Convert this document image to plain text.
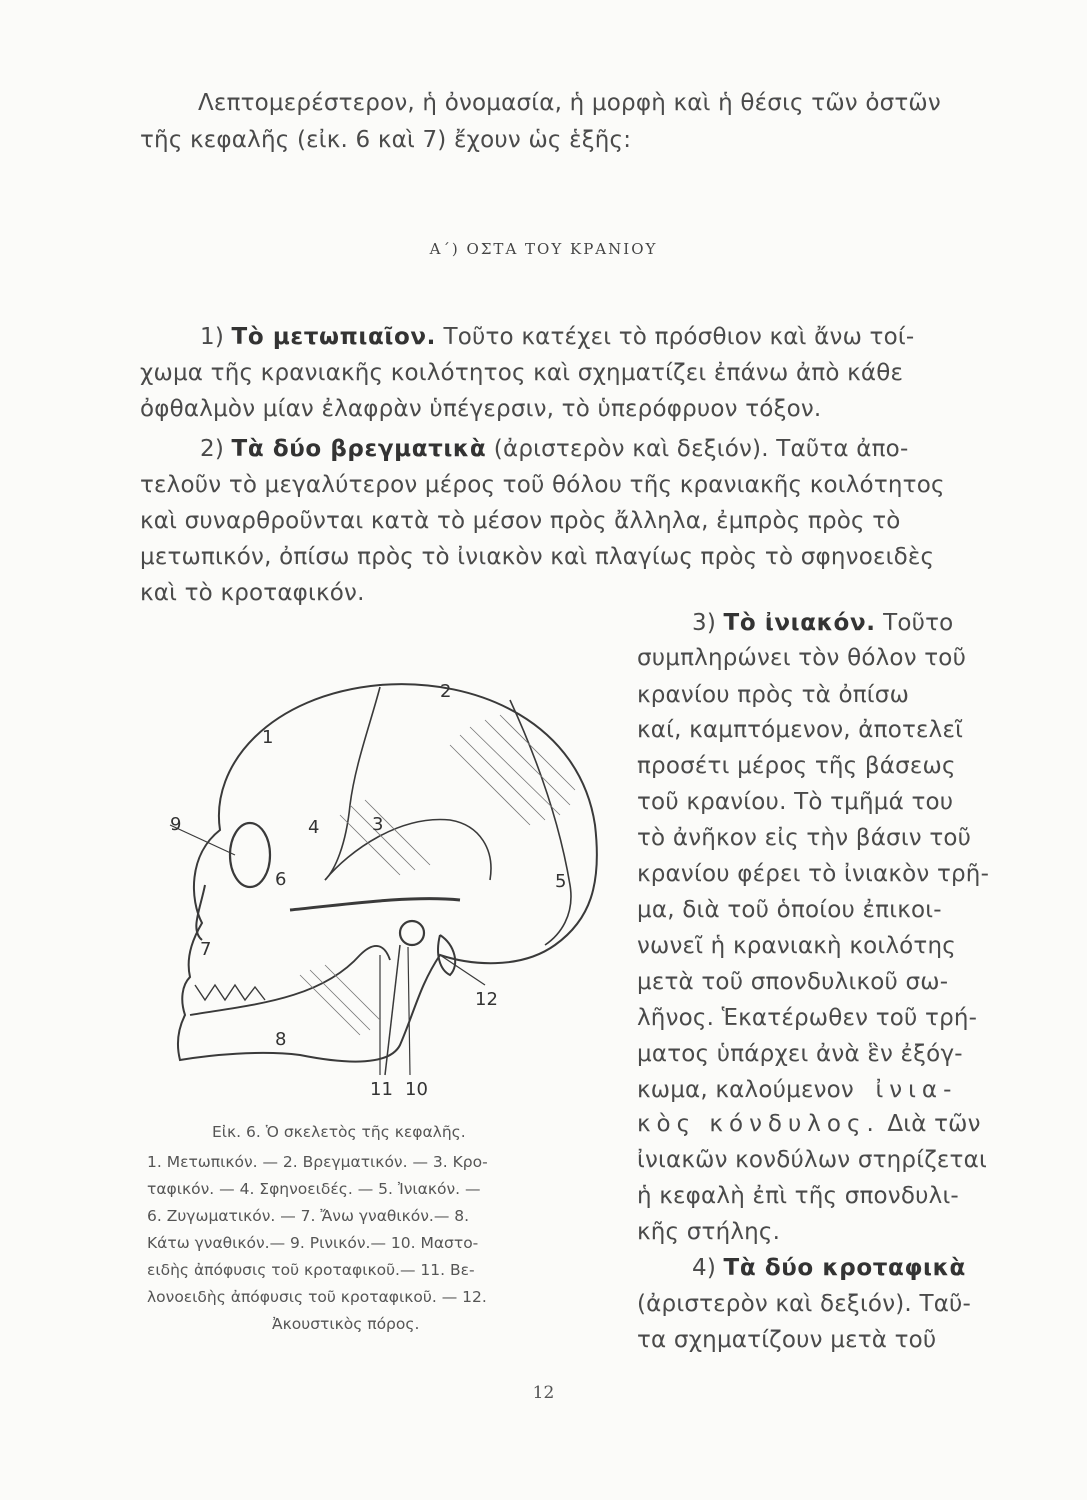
Λεπτομερέστερον, ἡ ὀνομασία, ἡ μορφὴ καὶ ἡ θέσις τῶν ὀστῶν
τῆς κεφαλῆς (εἰκ. 6 καὶ 7) ἔχουν ὡς ἑξῆς:
Α΄) ΟΣΤΑ ΤΟΥ ΚΡΑΝΙΟΥ
1) Τὸ μετωπιαῖον. Τοῦτο κατέχει τὸ πρόσθιον καὶ ἄνω τοί-
χωμα τῆς κρανιακῆς κοιλότητος καὶ σχηματίζει ἐπάνω ἀπὸ κάθε
ὀφθαλμὸν μίαν ἐλαφρὰν ὑπέγερσιν, τὸ ὑπερόφρυον τόξον.
2) Τὰ δύο βρεγματικὰ (ἀριστερὸν καὶ δεξιόν). Ταῦτα ἀπο-
τελοῦν τὸ μεγαλύτερον μέρος τοῦ θόλου τῆς κρανιακῆς κοιλότητος
καὶ συναρθροῦνται κατὰ τὸ μέσον πρὸς ἄλληλα, ἐμπρὸς πρὸς τὸ
μετωπικόν, ὀπίσω πρὸς τὸ ἰνιακὸν καὶ πλαγίως πρὸς τὸ σφηνοειδὲς
καὶ τὸ κροταφικόν.
3) Τὸ ἰνιακόν. Τοῦτο
συμπληρώνει τὸν θόλον τοῦ
κρανίου πρὸς τὰ ὀπίσω
καί, καμπτόμενον, ἀποτελεῖ
προσέτι μέρος τῆς βάσεως
τοῦ κρανίου. Τὸ τμῆμά του
τὸ ἀνῆκον εἰς τὴν βάσιν τοῦ
κρανίου φέρει τὸ ἰνιακὸν τρῆ-
μα, διὰ τοῦ ὁποίου ἐπικοι-
νωνεῖ ἡ κρανιακὴ κοιλότης
μετὰ τοῦ σπονδυλικοῦ σω-
λῆνος. Ἑκατέρωθεν τοῦ τρή-
ματος ὑπάρχει ἀνὰ ἓν ἐξόγ-
κωμα, καλούμενον ἰνια-
κὸς κόνδυλος. Διὰ τῶν
ἰνιακῶν κονδύλων στηρίζεται
ἡ κεφαλὴ ἐπὶ τῆς σπονδυλι-
κῆς στήλης.
4) Τὰ δύο κροταφικὰ
(ἀριστερὸν καὶ δεξιόν). Ταῦ-
τα σχηματίζουν μετὰ τοῦ
1
2
3
4
5
6
7
8
9
10
11
12
Εἰκ. 6. Ὁ σκελετὸς τῆς κεφαλῆς.
1. Μετωπικόν. — 2. Βρεγματικόν. — 3. Κρο-
ταφικόν. — 4. Σφηνοειδές. — 5. Ἰνιακόν. —
6. Ζυγωματικόν. — 7. Ἄνω γναθικόν.— 8.
Κάτω γναθικόν.— 9. Ρινικόν.— 10. Μαστο-
ειδὴς ἀπόφυσις τοῦ κροταφικοῦ.— 11. Βε-
λονοειδὴς ἀπόφυσις τοῦ κροταφικοῦ. — 12.
Ἀκουστικὸς πόρος.
12
